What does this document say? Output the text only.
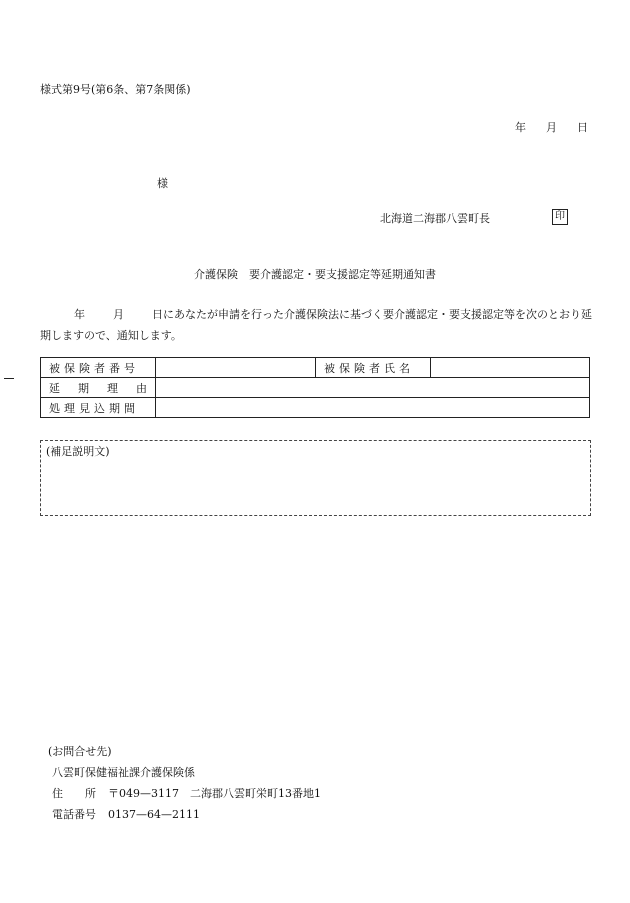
様式第9号(第6条、第7条関係)
年 月 日
様
北海道二海郡八雲町長	印
介護保険　要介護認定・要支援認定等延期通知書
年	月	日にあなたが申請を行った介護保険法に基づく要介護認定・要支援認定等を次のとおり延期しますので、通知します。
被保険者番号		被保険者氏名	

延 期 理 由			

処理見込期間			
(補足説明文)
(お問合せ先)
八雲町保健福祉課介護保険係
住　　所 〒049—3117　二海郡八雲町栄町13番地1
電話番号 0137—64—2111
